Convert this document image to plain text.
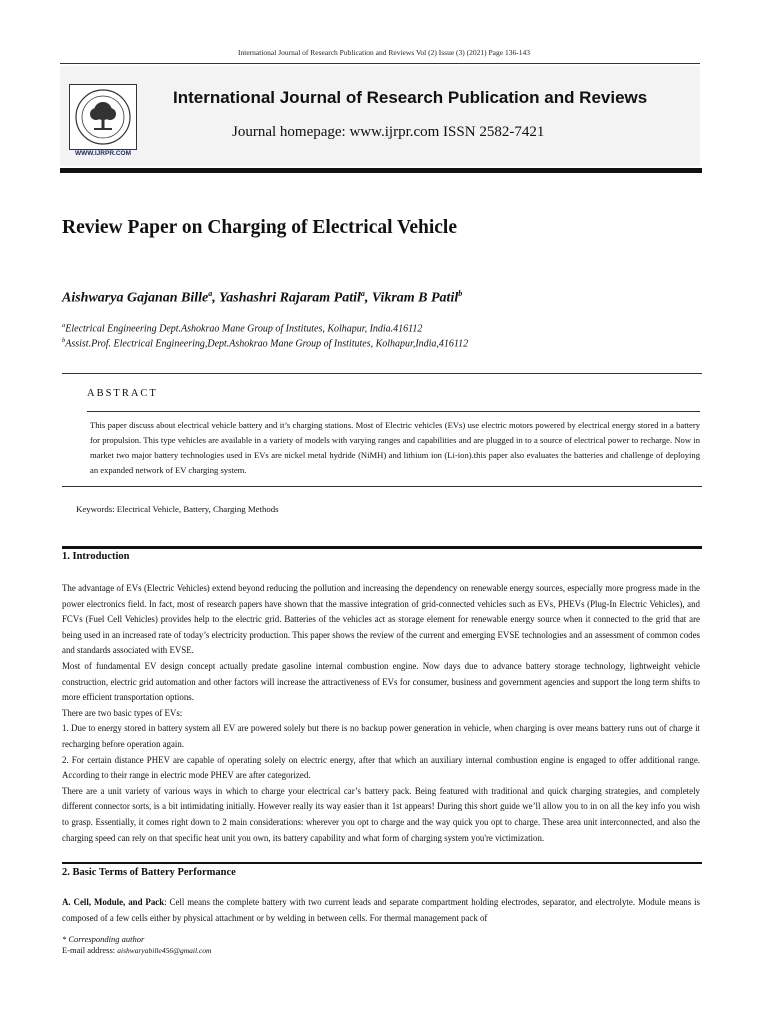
International Journal of Research Publication and Reviews Vol (2) Issue (3) (2021) Page 136-143
WWW.IJRPR.COM
International Journal of Research Publication and Reviews
Journal homepage: www.ijrpr.com ISSN 2582-7421
Review Paper on Charging of Electrical Vehicle
Aishwarya Gajanan Bille$^a$, Yashashri Rajaram Patil$^a$, Vikram B Patil$^b$
$^a$Electrical Engineering Dept.Ashokrao Mane Group of Institutes, Kolhapur, India.416112
$^b$Assist.Prof. Electrical Engineering,Dept.Ashokrao Mane Group of Institutes, Kolhapur,India,416112
ABSTRACT
This paper discuss about electrical vehicle battery and it’s charging stations. Most of Electric vehicles (EVs) use electric motors powered by electrical energy stored in a battery for propulsion. This type vehicles are available in a variety of models with varying ranges and capabilities and are plugged in to a source of electrical power to recharge. Now in market two major battery technologies used in EVs are nickel metal hydride (NiMH) and lithium ion (Li-ion).this paper also evaluates the batteries and challenge of deploying an expanded network of EV charging system.
Keywords: Electrical Vehicle, Battery, Charging Methods
1. Introduction

The advantage of EVs (Electric Vehicles) extend beyond reducing the pollution and increasing the dependency on renewable energy sources, especially more progress made in the power electronics field. In fact, most of research papers have shown that the massive integration of grid-connected vehicles such as EVs, PHEVs (Plug-In Electric Vehicles), and FCVs (Fuel Cell Vehicles) provides help to the electric grid. Batteries of the vehicles act as storage element for renewable energy source when it connected to the grid that are being used in an increased rate of today’s electricity production. This paper shows the review of the current and emerging EVSE technologies and an assessment of common codes and standards associated with EVSE.

Most of fundamental EV design concept actually predate gasoline internal combustion engine. Now days due to advance battery storage technology, lightweight vehicle construction, electric grid automation and other factors will increase the attractiveness of EVs for consumer, business and government agencies and support the long term shifts to more efficient transportation options.

There are two basic types of EVs:

1. Due to energy stored in battery system all EV are powered solely but there is no backup power generation in vehicle, when charging is over means battery runs out of charge it recharging before operation again.

2. For certain distance PHEV are capable of operating solely on electric energy, after that which an auxiliary internal combustion engine is engaged to offer additional range. According to their range in electric mode PHEV are after categorized.

There are a unit variety of various ways in which to charge your electrical car’s battery pack. Being featured with traditional and quick charging strategies, and completely different connector sorts, is a bit intimidating initially. However really its way easier than it 1st appears! During this short guide we’ll allow you to in on all the key info you wish to grasp. Essentially, it comes right down to 2 main considerations: wherever you opt to charge and the way quick you opt to charge. These area unit interconnected, and also the charging speed can rely on that specific heat unit you own, its battery capability and what form of charging system you're victimization.

2. Basic Terms of Battery Performance

A. Cell, Module, and Pack: Cell means the complete battery with two current leads and separate compartment holding electrodes, separator, and electrolyte. Module means is composed of a few cells either by physical attachment or by welding in between cells. For thermal management pack of

* Corresponding author
E-mail address: aishwaryabille456@gmail.com
